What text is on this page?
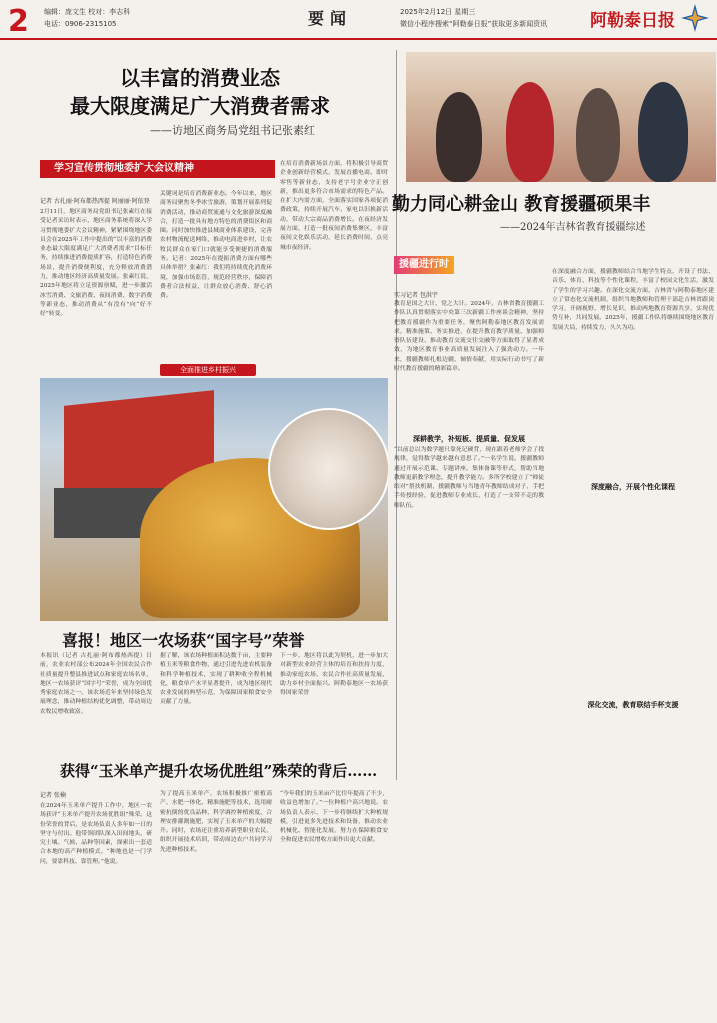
2 编辑：庞文生 校对：李志科
电话：0906-2315105	要闻	2025年2月12日 星期三
微信小程序搜索“阿勒泰日报”获取更多新闻资讯	阿勒泰日报
以丰富的消费业态
最大限度满足广大消费者需求
——访地区商务局党组书记张素红
学习宣传贯彻地委扩大会议精神
记者 古扎丽·阿布都热西提 阿丽丽·阿依登
2月11日，地区商务局党组书记张素红在接受记者采访时表示，地区商务系统将深入学习贯彻地委扩大会议精神，紧紧围绕地区委员会在2025年工作中提出的“以丰富的消费业态最大限度满足广大消费者需求”目标任务，持续推进消费提质扩容，打造特色消费场景，提升消费便利度，充分释放消费潜力，推动地区经济高质量发展。张素红说，2025年地区将立足资源禀赋，进一步激活冰雪消费、文旅消费、夜间消费、数字消费等新业态，推动消费从“有没有”向“好不好”转变。
关键词是培育消费新业态。今年以来，地区商务局聚焦冬季冰雪旅游，策划开展系列促消费活动，推动商贸流通与文化旅游深度融合，打造一批具有地方特色的消费街区和商圈。同时加快推进县域商业体系建设，完善农村物流配送网络，推动电商进乡村，让农牧民群众在家门口就能享受便捷的消费服务。记者：2025年在提振消费方面有哪些具体举措？张素红：我们将持续优化消费环境，加强市场监管，规范经营秩序，保障消费者合法权益，让群众放心消费、舒心消费。
在培育消费新场景方面，将积极引导商贸企业创新经营模式，发展直播电商、即时零售等新业态，支持老字号企业守正创新，推出更多符合市场需求的特色产品。在扩大内需方面，全面落实国家各项促消费政策，持续开展汽车、家电以旧换新活动，带动大宗商品消费增长。在夜经济发展方面，打造一批夜间消费集聚区，丰富夜间文化娱乐活动，延长消费时间，点亮城市夜经济。
勤力同心耕金山 教育援疆硕果丰
——2024年吉林省教育援疆综述
援疆进行时
实习记者 包洪宇
教育是国之大计、党之大计。2024年，吉林省教育援疆工作队认真贯彻落实中央第三次新疆工作座谈会精神，坚持把教育援疆作为重要任务，聚焦阿勒泰地区教育发展需求，精准施策、务实推进，在提升教育教学质量、加强师资队伍建设、推动教育交流交往交融等方面取得了显著成效，为地区教育事业高质量发展注入了强劲动力。一年来，援疆教师扎根边疆，倾情奉献，用实际行动书写了新时代教育援疆的精彩篇章。
深耕教学，补短板、提质量、促发展
“以前总以为数学题只靠死记硬背，现在跟着老师学会了找规律，觉得数学越来越有意思了。”一名学生说。援疆教师通过开展示范课、专题讲座、集体备课等形式，帮助当地教师更新教学理念，提升教学能力。多所学校建立了“师徒结对”帮扶机制，援疆教师与当地青年教师结成对子，手把手传授经验，促进教师专业成长，打造了一支带不走的教师队伍。
在深度融合方面，援疆教师结合当地学生特点，开设了书法、音乐、体育、科技等个性化课程，丰富了校园文化生活，激发了学生的学习兴趣。在深化交流方面，吉林省与阿勒泰地区建立了常态化交流机制，组织当地教师和管理干部赴吉林省跟岗学习，开阔视野、增长见识，推动两地教育资源共享，实现优势互补，共同发展。2025年，援疆工作队将继续围绕地区教育发展大局，持续发力，久久为功。
深度融合，开展个性化课程
深化交流，教育联结手杯支援
全面推进乡村振兴
喜报！地区一农场获“国字号”荣誉
本报讯（记者 古扎丽·阿布都热西提）日前，农业农村部公布2024年全国农民合作社质量提升整县推进试点和家庭农场名单，地区一农场获评“国字号”荣誉，成为全国优秀家庭农场之一。该农场近年来坚持绿色发展理念，推动种植结构优化调整，带动周边农牧民增收致富。
据了解，该农场种植面积达数千亩，主要种植玉米等粮食作物，通过引进先进农机装备和科学种植技术，实现了耕种收全程机械化，粮食单产水平显著提升，成为地区现代农业发展的典型示范，为保障国家粮食安全贡献了力量。
下一步，地区将以此为契机，进一步加大对新型农业经营主体的培育和扶持力度，推动家庭农场、农民合作社高质量发展，助力乡村全面振兴。阿勒泰地区一农场获得国家荣誉
获得“玉米单产提升农场优胜组”殊荣的背后……
记者 张楠
在2024年玉米单产提升工作中，地区一农场获评“玉米单产提升农场优胜组”殊荣。这份荣誉的背后，是农场负责人多年如一日的坚守与付出。他带领团队深入田间地头，研究土壤、气候、品种等因素，探索出一套适合本地的高产种植模式。“种地也是一门学问，要靠科技、靠管理。”他说。
为了提高玉米单产，农场积极推广密植高产、水肥一体化、精准施肥等技术，选用耐密抗倒的优良品种，科学调控种植密度，合理安排灌溉施肥，实现了玉米单产的大幅提升。同时，农场还注重培养新型职业农民，组织开展技术培训，带动周边农户共同学习先进种植技术。
“今年我们的玉米亩产比往年提高了不少，收益也增加了。”一位种植户高兴地说。农场负责人表示，下一步将继续扩大种植规模，引进更多先进技术和设备，推动农业机械化、智能化发展，努力在保障粮食安全和促进农民增收方面作出更大贡献。
